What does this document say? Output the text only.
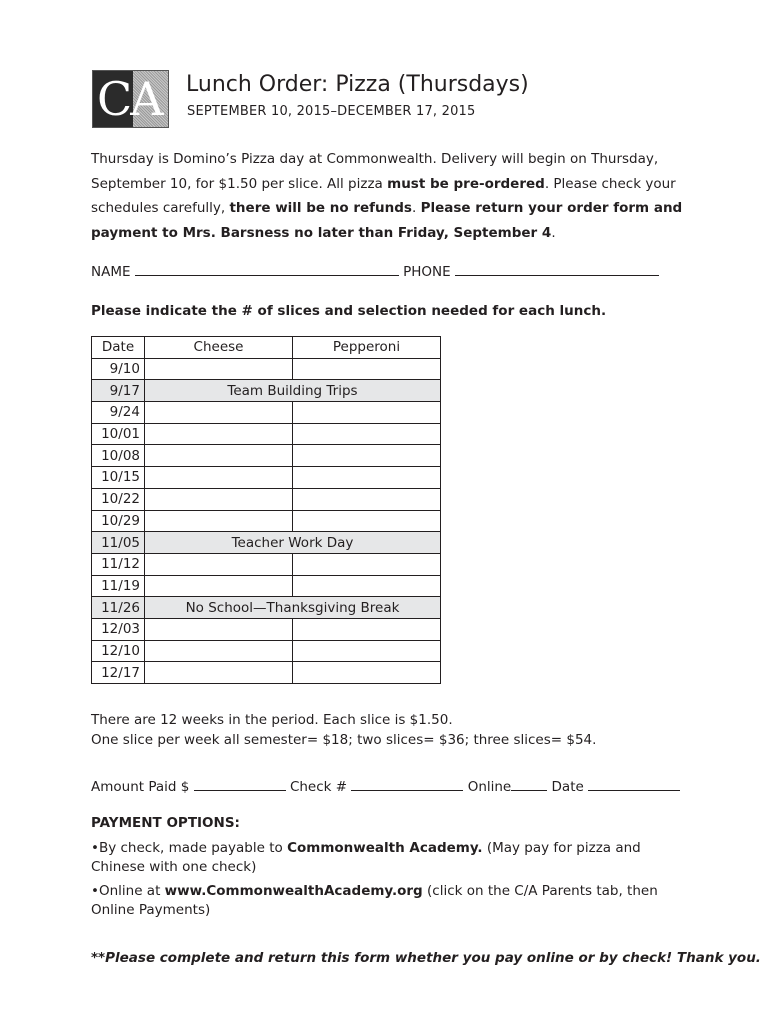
CA Lunch Order: Pizza (Thursdays)
SEPTEMBER 10, 2015–DECEMBER 17, 2015
Thursday is Domino’s Pizza day at Commonwealth. Delivery will begin on Thursday, September 10, for $1.50 per slice. All pizza must be pre-ordered. Please check your schedules carefully, there will be no refunds. Please return your order form and payment to Mrs. Barsness no later than Friday, September 4.
NAME	PHONE
Please indicate the # of slices and selection needed for each lunch.
Date	Cheese	Pepperoni
9/10		
9/17	Team Building Trips	
9/24		
10/01		
10/08		
10/15		
10/22		
10/29		
11/05	Teacher Work Day	
11/12		
11/19		
11/26	No School—Thanksgiving Break	
12/03		
12/10		
12/17		
There are 12 weeks in the period. Each slice is $1.50.
One slice per week all semester= $18; two slices= $36; three slices= $54.
Amount Paid $	Check #	Online	Date
PAYMENT OPTIONS:
•By check, made payable to Commonwealth Academy. (May pay for pizza and Chinese with one check)
•Online at www.CommonwealthAcademy.org (click on the C/A Parents tab, then Online Payments)
**Please complete and return this form whether you pay online or by check! Thank you.
